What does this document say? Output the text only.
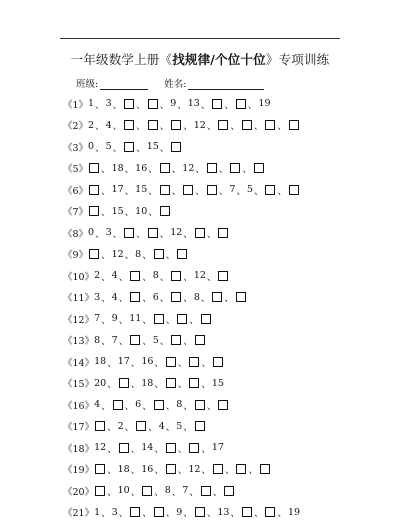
一年级数学上册《找规律/个位十位》专项训练
班级:	姓名:
《1》 1 、 3 、 、 、 9 、 13 、 、 、 19
《2》 2 、 4 、 、 、 、 12 、 、 、 、
《3》 0 、 5 、 、 15 、
《5》 、 18 、 16 、 、 12 、 、 、
《6》 、 17 、 15 、 、 、 、 7 、 5 、 、
《7》 、 15 、 10 、
《8》 0 、 3 、 、 、 12 、 、
《9》 、 12 、 8 、 、
《10》 2 、 4 、 、 8 、 、 12 、
《11》 3 、 4 、 、 6 、 、 8 、 、
《12》 7 、 9 、 11 、 、 、
《13》 8 、 7 、 、 5 、 、
《14》 18 、 17 、 16 、 、 、
《15》 20 、 、 18 、 、 、 15
《16》 4 、 、 6 、 、 8 、 、
《17》 、 2 、 、 4 、 5 、
《18》 12 、 、 14 、 、 、 17
《19》 、 18 、 16 、 、 12 、 、 、
《20》 、 10 、 、 8 、 7 、 、
《21》 1 、 3 、 、 、 9 、 、 13 、 、 、 19
